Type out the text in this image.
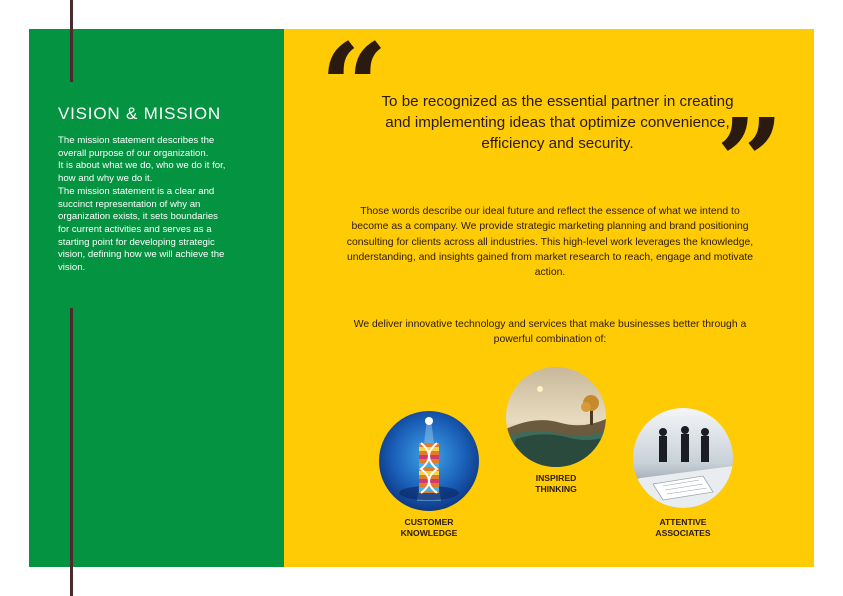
VISION & MISSION

The mission statement describes the
overall purpose of our organization.
It is about what we do, who we do it for,
how and why we do it.
The mission statement is a clear and
succinct representation of why an
organization exists, it sets boundaries
for current activities and serves as a
starting point for developing strategic
vision, defining how we will achieve the
vision.

“

To be recognized as the essential partner in creating and implementing ideas that optimize convenience, efficiency and security. ”

Those words describe our ideal future and reflect the essence of what we intend to become as a company. We provide strategic marketing planning and brand positioning consulting for clients across all industries. This high-level work leverages the knowledge, understanding, and insights gained from market research to reach, engage and motivate action.

We deliver innovative technology and services that make businesses better through a powerful combination of:

CUSTOMER
KNOWLEDGE

INSPIRED
THINKING

ATTENTIVE
ASSOCIATES
